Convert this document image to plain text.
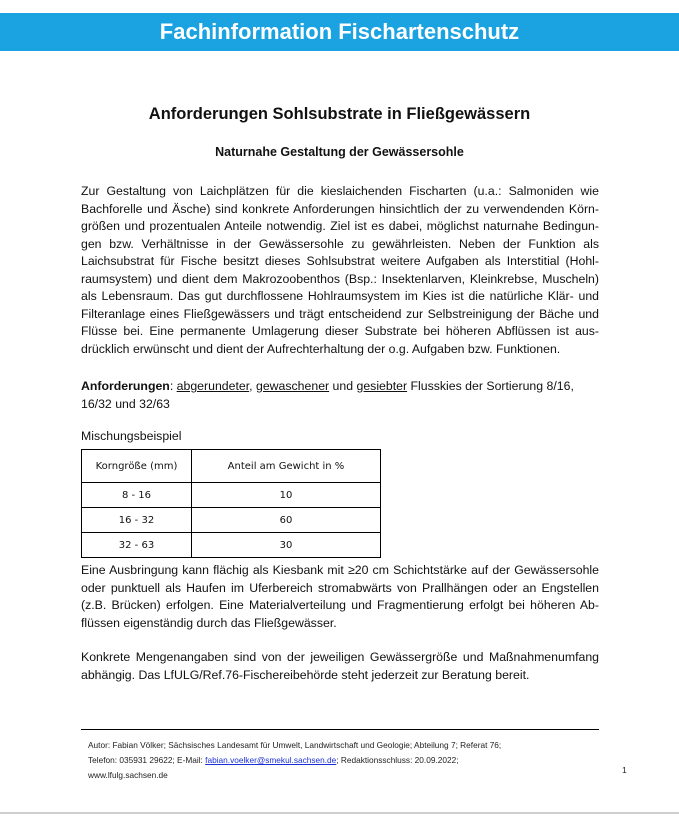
Fachinformation Fischartenschutz
Anforderungen Sohlsubstrate in Fließgewässern
Naturnahe Gestaltung der Gewässersohle
Zur Gestaltung von Laichplätzen für die kieslaichenden Fischarten (u.a.: Salmoniden wie Bachforelle und Äsche) sind konkrete Anforderungen hinsichtlich der zu verwendenden Körn- größen und prozentualen Anteile notwendig. Ziel ist es dabei, möglichst naturnahe Bedingun- gen bzw. Verhältnisse in der Gewässersohle zu gewährleisten. Neben der Funktion als Laichsubstrat für Fische besitzt dieses Sohlsubstrat weitere Aufgaben als Interstitial (Hohl- raumsystem) und dient dem Makrozoobenthos (Bsp.: Insektenlarven, Kleinkrebse, Muscheln) als Lebensraum. Das gut durchflossene Hohlraumsystem im Kies ist die natürliche Klär- und Filteranlage eines Fließgewässers und trägt entscheidend zur Selbstreinigung der Bäche und Flüsse bei. Eine permanente Umlagerung dieser Substrate bei höheren Abflüssen ist aus- drücklich erwünscht und dient der Aufrechterhaltung der o.g. Aufgaben bzw. Funktionen.
Anforderungen: abgerundeter, gewaschener und gesiebter Flusskies der Sortierung 8/16,
16/32 und 32/63
Mischungsbeispiel
Korngröße (mm)	Anteil am Gewicht in %
8 - 16	10
16 - 32	60
32 - 63	30
Eine Ausbringung kann flächig als Kiesbank mit ≥20 cm Schichtstärke auf der Gewässersohle oder punktuell als Haufen im Uferbereich stromabwärts von Prallhängen oder an Engstellen (z.B. Brücken) erfolgen. Eine Materialverteilung und Fragmentierung erfolgt bei höheren Ab- flüssen eigenständig durch das Fließgewässer.
Konkrete Mengenangaben sind von der jeweiligen Gewässergröße und Maßnahmenumfang abhängig. Das LfULG/Ref.76-Fischereibehörde steht jederzeit zur Beratung bereit.
Autor: Fabian Völker; Sächsisches Landesamt für Umwelt, Landwirtschaft und Geologie; Abteilung 7; Referat 76;
Telefon: 035931 29622; E-Mail: fabian.voelker@smekul.sachsen.de; Redaktionsschluss: 20.09.2022;
www.lfulg.sachsen.de	1
